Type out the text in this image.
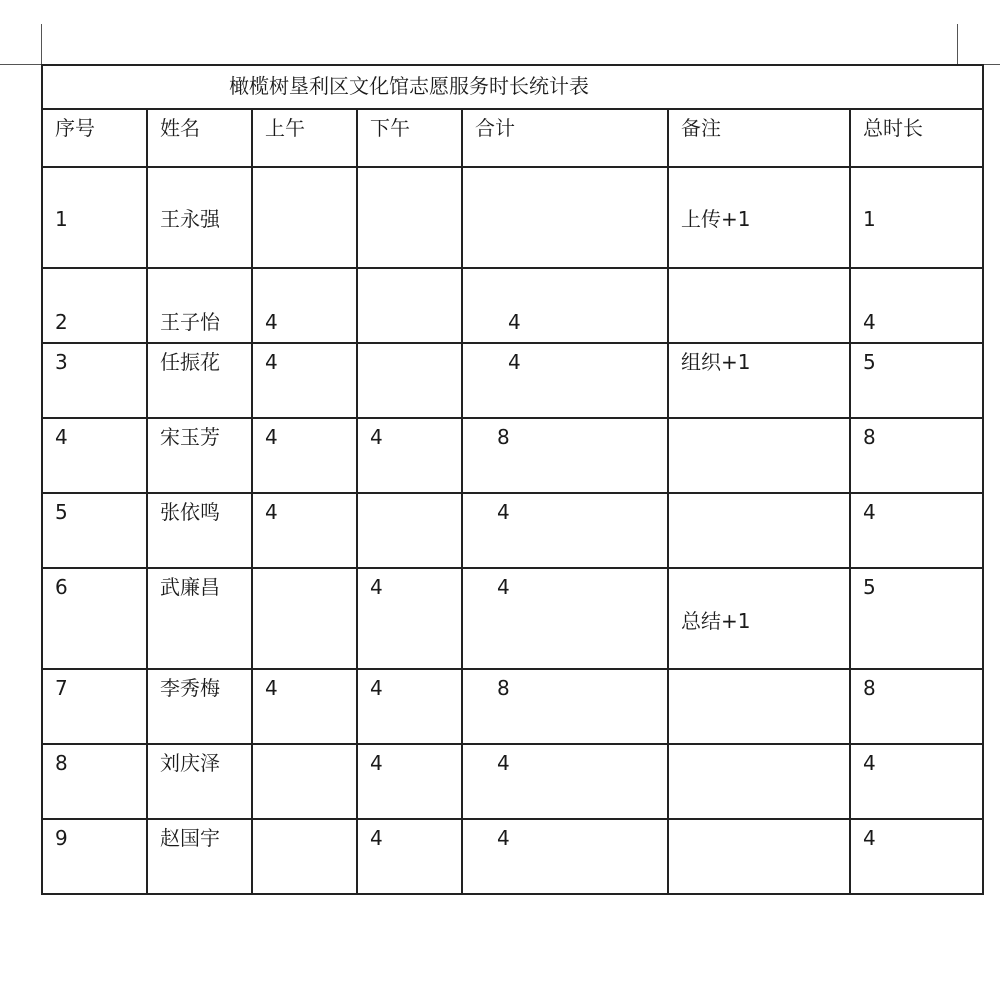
橄榄树垦利区文化馆志愿服务时长统计表						

序号	姓名	上午	下午	合计	备注	总时长

1	王永强				上传+1	1

2	王子怡	4		4		4

3	任振花	4		4	组织+1	5

4	宋玉芳	4	4	8		8

5	张依鸣	4		4		4

6	武廉昌		4	4	总结+1	5

7	李秀梅	4	4	8		8

8	刘庆泽		4	4		4

9	赵国宇		4	4		4
